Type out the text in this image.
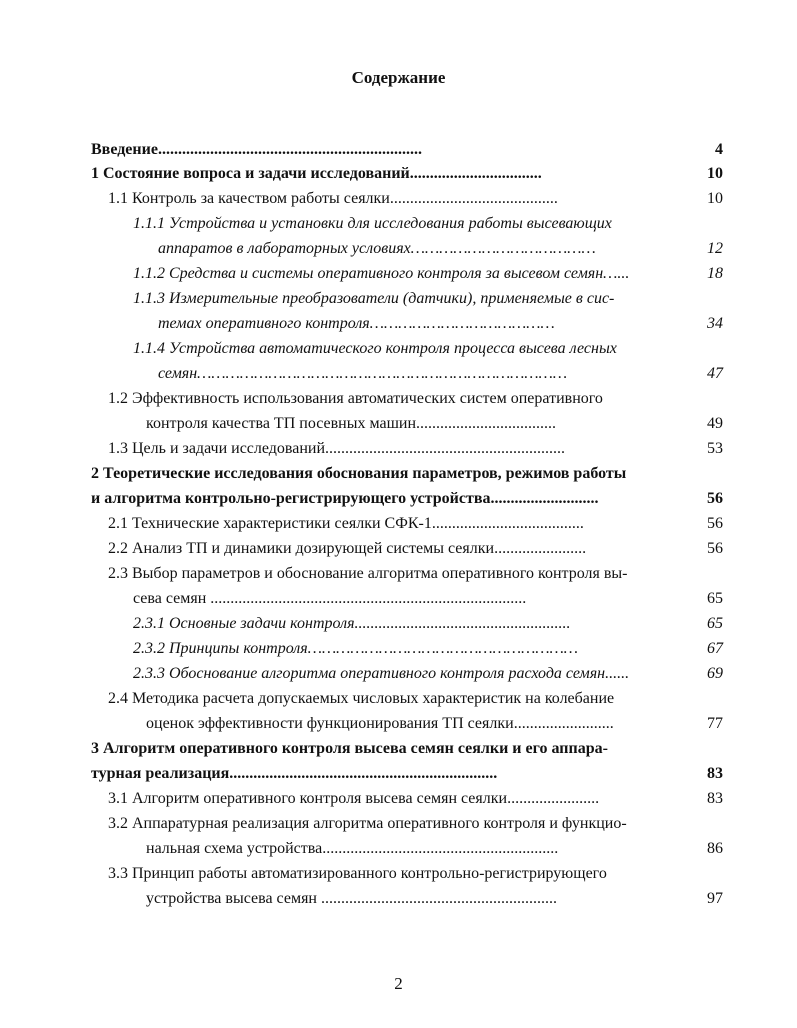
Содержание
Введение..................................................................	4
1 Состояние вопроса и задачи исследований.................................	10
1.1 Контроль за качеством работы сеялки..........................................	10
1.1.1 Устройства и установки для исследования работы высевающих
аппаратов в лабораторных условиях…………………………………	12
1.1.2 Средства и системы оперативного контроля за высевом семян…...	18
1.1.3 Измерительные преобразователи (датчики), применяемые в сис-
темах оперативного контроля…………………………………	34
1.1.4 Устройства автоматического контроля процесса высева лесных
семян……………………………………………………………………	47
1.2 Эффективность использования автоматических систем оперативного
контроля качества ТП посевных машин...................................	49
1.3 Цель и задачи исследований............................................................	53
2 Теоретические исследования обоснования параметров, режимов работы
и алгоритма контрольно-регистрирующего устройства...........................	56
2.1 Технические характеристики сеялки СФК-1......................................	56
2.2 Анализ ТП и динамики дозирующей системы сеялки.......................	56
2.3 Выбор параметров и обоснование алгоритма оперативного контроля вы-
сева семян ...............................................................................	65
2.3.1 Основные задачи контроля......................................................	65
2.3.2 Принципы контроля…………………………………………………	67
2.3.3 Обоснование алгоритма оперативного контроля расхода семян......	69
2.4 Методика расчета допускаемых числовых характеристик на колебание
оценок эффективности функционирования ТП сеялки.........................	77
3 Алгоритм оперативного контроля высева семян сеялки и его аппара-
турная реализация...................................................................	83
3.1 Алгоритм оперативного контроля высева семян сеялки.......................	83
3.2 Аппаратурная реализация алгоритма оперативного контроля и функцио-
нальная схема устройства...........................................................	86
3.3 Принцип работы автоматизированного контрольно-регистрирующего
устройства высева семян ...........................................................	97
2
